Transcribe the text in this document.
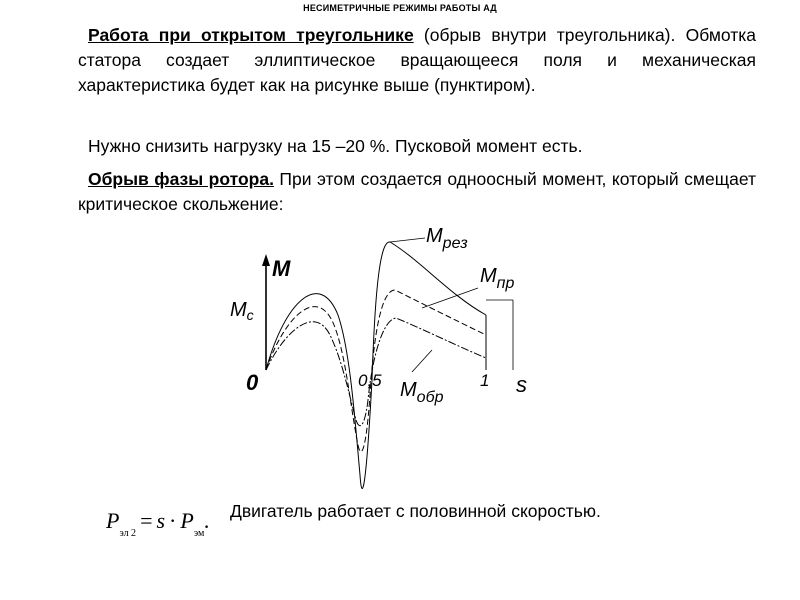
НЕСИМЕТРИЧНЫЕ РЕЖИМЫ РАБОТЫ АД
Работа при открытом треугольнике (обрыв внутри треугольника). Обмотка статора создает эллиптическое вращающееся поля и механическая характеристика будет как на рисунке выше (пунктиром).
Нужно снизить нагрузку на 15 –20 %. Пусковой момент есть.
Обрыв фазы ротора. При этом создается одноосный момент, который смещает критическое скольжение:
M
$M_c$
0	0,5	1 s
$M_{рез}$
$M_{пр}$
$M_{обр}$
$P_{эл 2}= s \cdot P_{эм}$. Двигатель работает с половинной скоростью.
